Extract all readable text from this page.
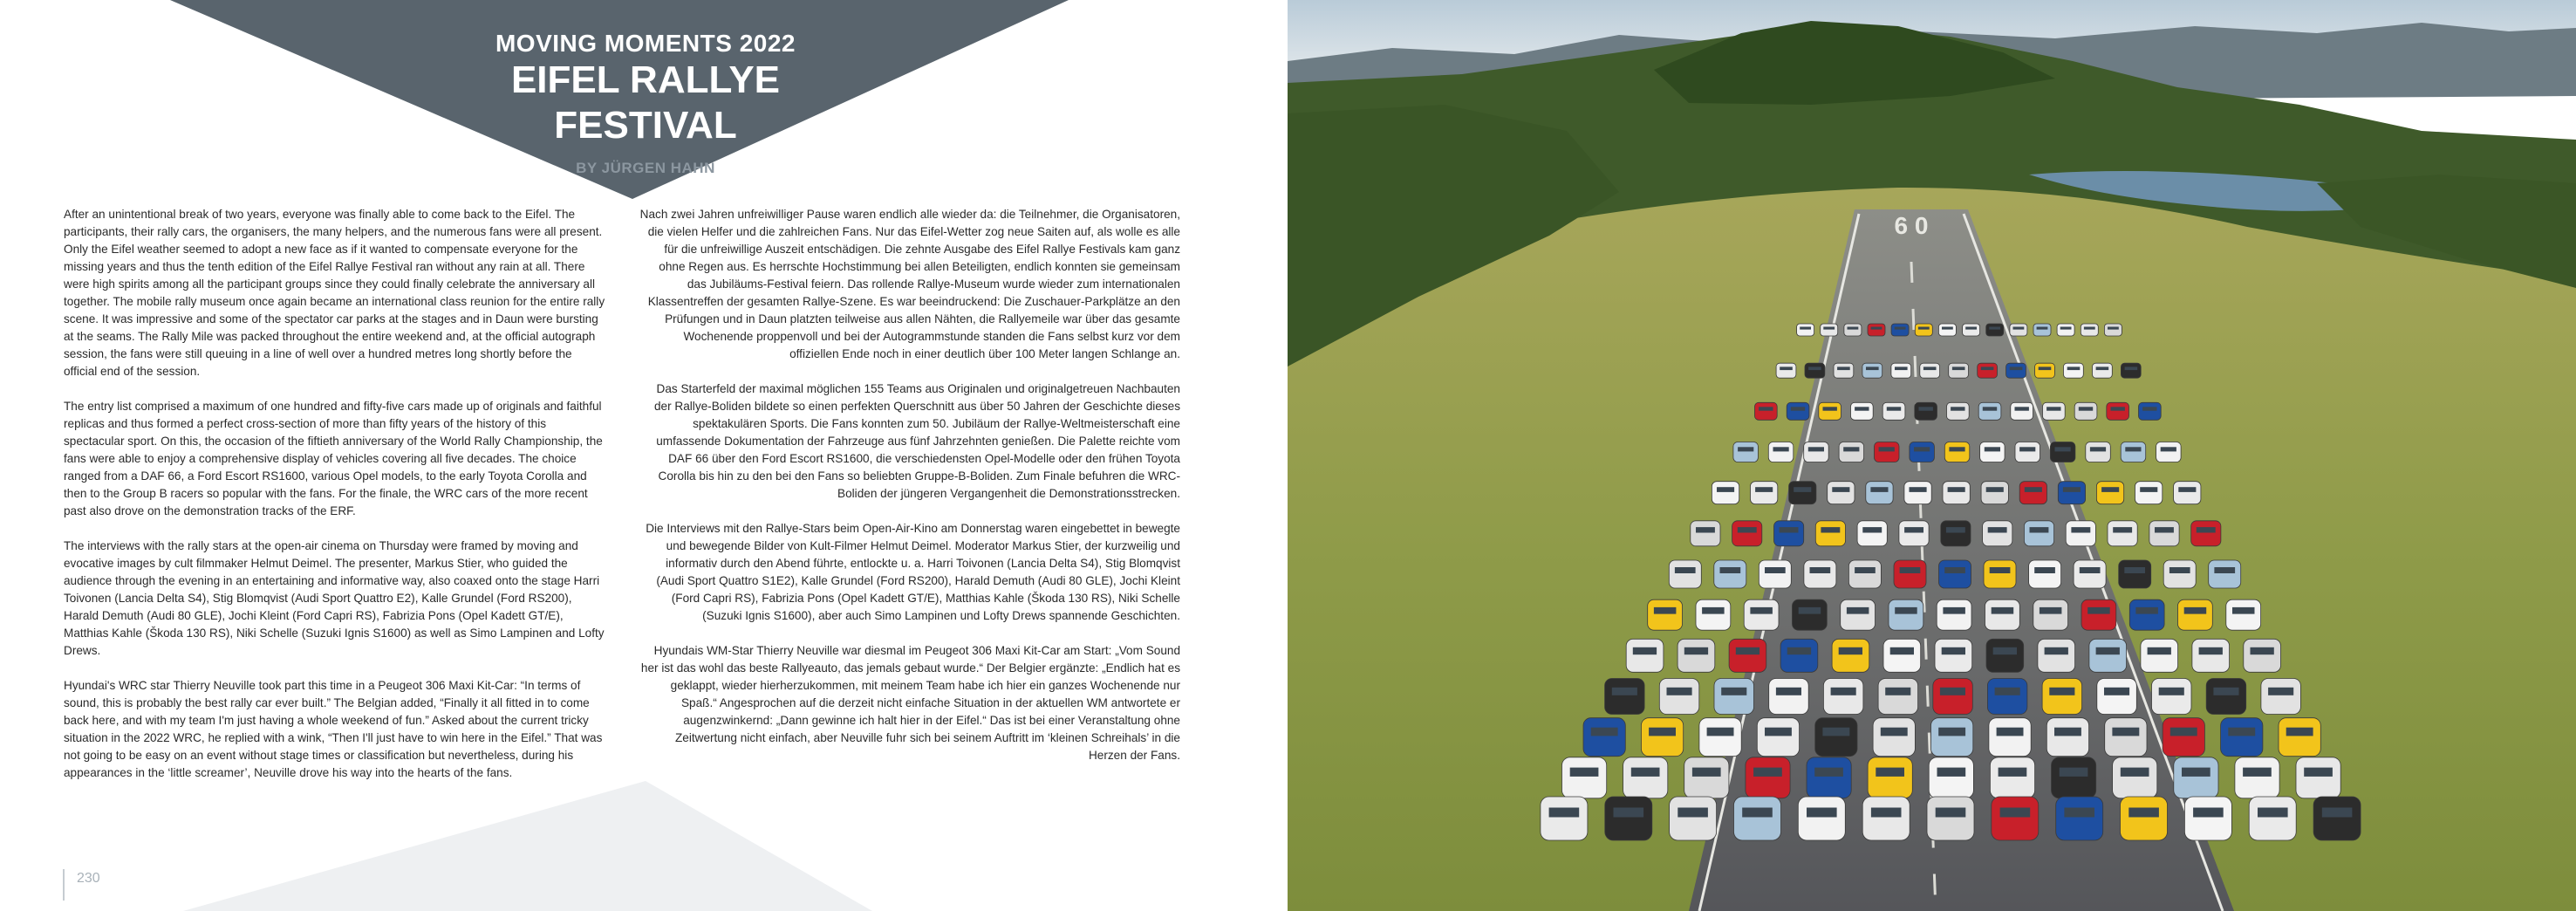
MOVING MOMENTS 2022
EIFEL RALLYE
FESTIVAL
BY JÜRGEN HAHN

After an unintentional break of two years, everyone was finally able to come back to the Eifel. The participants, their rally cars, the organisers, the many helpers, and the numerous fans were all present. Only the Eifel weather seemed to adopt a new face as if it wanted to compensate everyone for the missing years and thus the tenth edition of the Eifel Rallye Festival ran without any rain at all. There were high spirits among all the participant groups since they could finally celebrate the anniversary all together. The mobile rally museum once again became an international class reunion for the entire rally scene. It was impressive and some of the spectator car parks at the stages and in Daun were bursting at the seams. The Rally Mile was packed throughout the entire weekend and, at the official autograph session, the fans were still queuing in a line of well over a hundred metres long shortly before the official end of the session.

The entry list comprised a maximum of one hundred and fifty-five cars made up of originals and faithful replicas and thus formed a perfect cross-section of more than fifty years of the history of this spectacular sport. On this, the occasion of the fiftieth anniversary of the World Rally Championship, the fans were able to enjoy a comprehensive display of vehicles covering all five decades. The choice ranged from a DAF 66, a Ford Escort RS1600, various Opel models, to the early Toyota Corolla and then to the Group B racers so popular with the fans. For the finale, the WRC cars of the more recent past also drove on the demonstration tracks of the ERF.

The interviews with the rally stars at the open-air cinema on Thursday were framed by moving and evocative images by cult filmmaker Helmut Deimel. The presenter, Markus Stier, who guided the audience through the evening in an entertaining and informative way, also coaxed onto the stage Harri Toivonen (Lancia Delta S4), Stig Blomqvist (Audi Sport Quattro E2), Kalle Grundel (Ford RS200), Harald Demuth (Audi 80 GLE), Jochi Kleint (Ford Capri RS), Fabrizia Pons (Opel Kadett GT/E), Matthias Kahle (Škoda 130 RS), Niki Schelle (Suzuki Ignis S1600) as well as Simo Lampinen and Lofty Drews.

Hyundai's WRC star Thierry Neuville took part this time in a Peugeot 306 Maxi Kit-Car: “In terms of sound, this is probably the best rally car ever built.” The Belgian added, “Finally it all fitted in to come back here, and with my team I'm just having a whole weekend of fun.” Asked about the current tricky situation in the 2022 WRC, he replied with a wink, “Then I'll just have to win here in the Eifel.” That was not going to be easy on an event without stage times or classification but nevertheless, during his appearances in the ‘little screamer’, Neuville drove his way into the hearts of the fans.

Nach zwei Jahren unfreiwilliger Pause waren endlich alle wieder da: die Teilnehmer, die Organisatoren, die vielen Helfer und die zahlreichen Fans. Nur das Eifel-Wetter zog neue Saiten auf, als wolle es alle für die unfreiwillige Auszeit entschädigen. Die zehnte Ausgabe des Eifel Rallye Festivals kam ganz ohne Regen aus. Es herrschte Hochstimmung bei allen Beteiligten, endlich konnten sie gemeinsam das Jubiläums-Festival feiern. Das rollende Rallye-Museum wurde wieder zum internationalen Klassentreffen der gesamten Rallye-Szene. Es war beeindruckend: Die Zuschauer-Parkplätze an den Prüfungen und in Daun platzten teilweise aus allen Nähten, die Rallyemeile war über das gesamte Wochenende proppenvoll und bei der Autogrammstunde standen die Fans selbst kurz vor dem offiziellen Ende noch in einer deutlich über 100 Meter langen Schlange an.

Das Starterfeld der maximal möglichen 155 Teams aus Originalen und originalgetreuen Nachbauten der Rallye-Boliden bildete so einen perfekten Querschnitt aus über 50 Jahren der Geschichte dieses spektakulären Sports. Die Fans konnten zum 50. Jubiläum der Rallye-Weltmeisterschaft eine umfassende Dokumentation der Fahrzeuge aus fünf Jahrzehnten genießen. Die Palette reichte vom DAF 66 über den Ford Escort RS1600, die verschiedensten Opel-Modelle oder den frühen Toyota Corolla bis hin zu den bei den Fans so beliebten Gruppe-B-Boliden. Zum Finale befuhren die WRC-Boliden der jüngeren Vergangenheit die Demonstrationsstrecken.

Die Interviews mit den Rallye-Stars beim Open-Air-Kino am Donnerstag waren eingebettet in bewegte und bewegende Bilder von Kult-Filmer Helmut Deimel. Moderator Markus Stier, der kurzweilig und informativ durch den Abend führte, entlockte u. a. Harri Toivonen (Lancia Delta S4), Stig Blomqvist (Audi Sport Quattro S1E2), Kalle Grundel (Ford RS200), Harald Demuth (Audi 80 GLE), Jochi Kleint (Ford Capri RS), Fabrizia Pons (Opel Kadett GT/E), Matthias Kahle (Škoda 130 RS), Niki Schelle (Suzuki Ignis S1600), aber auch Simo Lampinen und Lofty Drews spannende Geschichten.

Hyundais WM-Star Thierry Neuville war diesmal im Peugeot 306 Maxi Kit-Car am Start: „Vom Sound her ist das wohl das beste Rallyeauto, das jemals gebaut wurde.“ Der Belgier ergänzte: „Endlich hat es geklappt, wieder hierherzukommen, mit meinem Team habe ich hier ein ganzes Wochenende nur Spaß.“ Angesprochen auf die derzeit nicht einfache Situation in der aktuellen WM antwortete er augenzwinkernd: „Dann gewinne ich halt hier in der Eifel.“ Das ist bei einer Veranstaltung ohne Zeitwertung nicht einfach, aber Neuville fuhr sich bei seinem Auftritt im ‘kleinen Schreihals’ in die Herzen der Fans.

230
6 0
